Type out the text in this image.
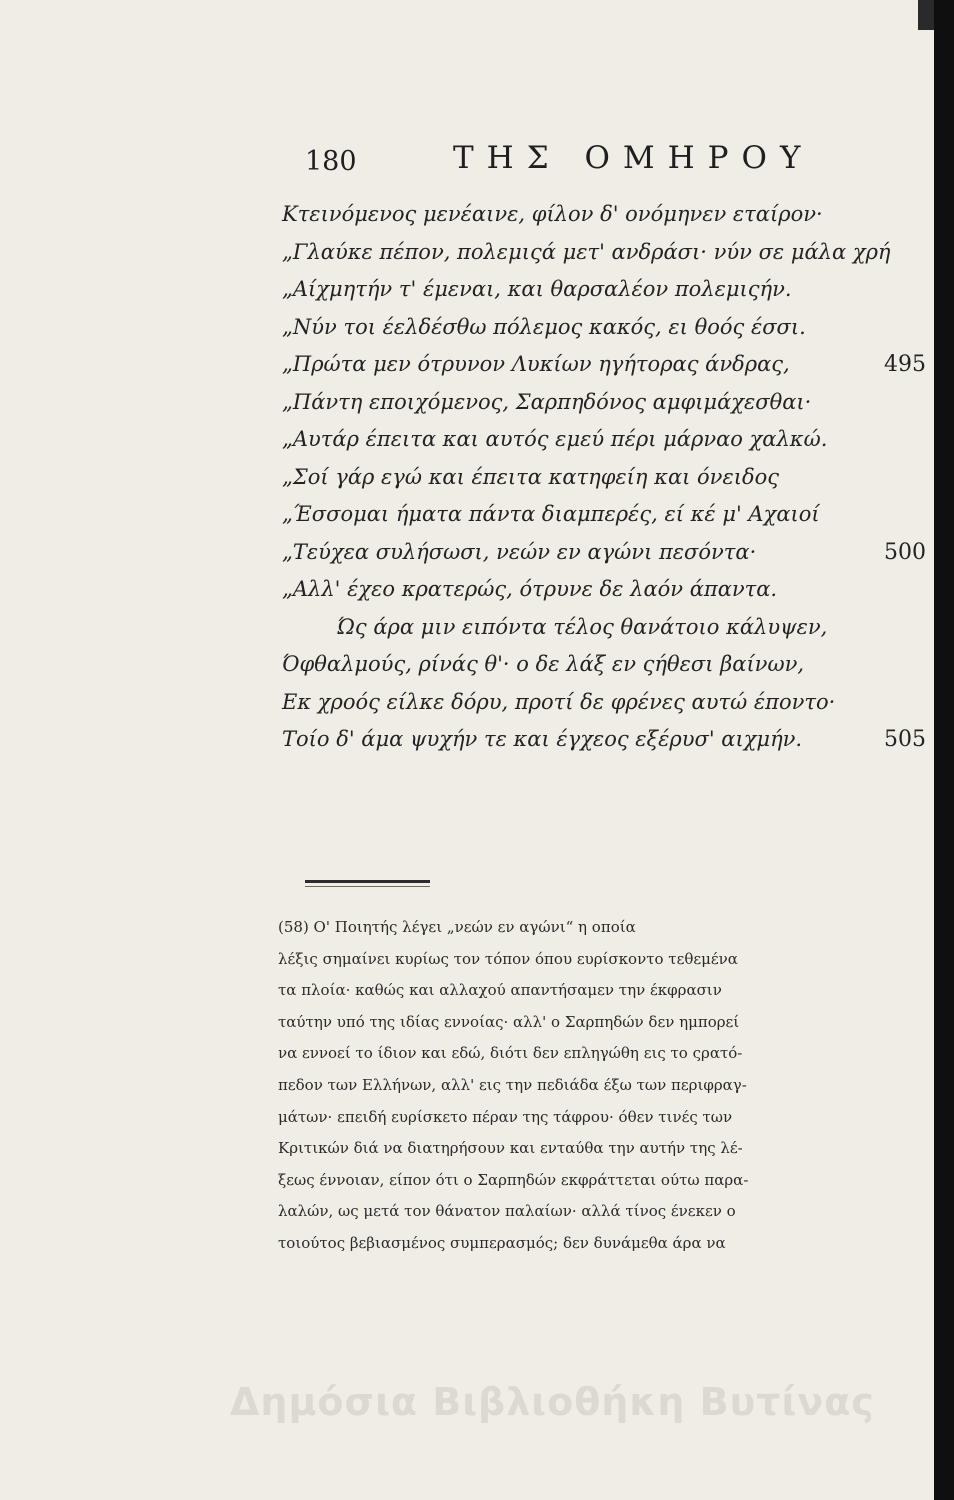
180	ΤΗΣ ΟΜΗΡΟΥ
Κτεινόμενος μενέαινε, φίλον δ' ονόμηνεν εταίρον·
„Γλαύκε πέπον, πολεμιςά μετ' ανδράσι· νύν σε μάλα χρή
„Αίχμητήν τ' έμεναι, και θαρσαλέον πολεμιςήν.
„Νύν τοι έελδέσθω πόλεμος κακός, ει θοός έσσι.
„Πρώτα μεν ότρυνον Λυκίων ηγήτορας άνδρας,	495
„Πάντη εποιχόμενος, Σαρπηδόνος αμφιμάχεσθαι·
„Αυτάρ έπειτα και αυτός εμεύ πέρι μάρναο χαλκώ.
„Σοί γάρ εγώ και έπειτα κατηφείη και όνειδος
„Έσσομαι ήματα πάντα διαμπερές, εί κέ μ' Αχαιοί
„Τεύχεα συλήσωσι, νεών εν αγώνι πεσόντα·	500
„Αλλ' έχεο κρατερώς, ότρυνε δε λαόν άπαντα.
Ώς άρα μιν ειπόντα τέλος θανάτοιο κάλυψεν,
Όφθαλμούς, ρίνάς θ'· ο δε λάξ εν ςήθεσι βαίνων,
Εκ χροός είλκε δόρυ, προτί δε φρένες αυτώ έποντο·
Τοίο δ' άμα ψυχήν τε και έγχεος εξέρυσ' αιχμήν.	505
(58) Ο' Ποιητής λέγει „νεών εν αγώνι“ η οποία
λέξις σημαίνει κυρίως τον τόπον όπου ευρίσκοντο τεθεμένα
τα πλοία· καθώς και αλλαχού απαντήσαμεν την έκφρασιν
ταύτην υπό της ιδίας εννοίας· αλλ' ο Σαρπηδών δεν ημπορεί
να εννοεί το ίδιον και εδώ, διότι δεν επληγώθη εις το ςρατό-
πεδον των Ελλήνων, αλλ' εις την πεδιάδα έξω των περιφραγ-
μάτων· επειδή ευρίσκετο πέραν της τάφρου· όθεν τινές των
Κριτικών διά να διατηρήσουν και ενταύθα την αυτήν της λέ-
ξεως έννοιαν, είπον ότι ο Σαρπηδών εκφράττεται ούτω παρα-
λαλών, ως μετά τον θάνατον παλαίων· αλλά τίνος ένεκεν ο
τοιούτος βεβιασμένος συμπερασμός; δεν δυνάμεθα άρα να
Δημόσια Βιβλιοθήκη Βυτίνας
